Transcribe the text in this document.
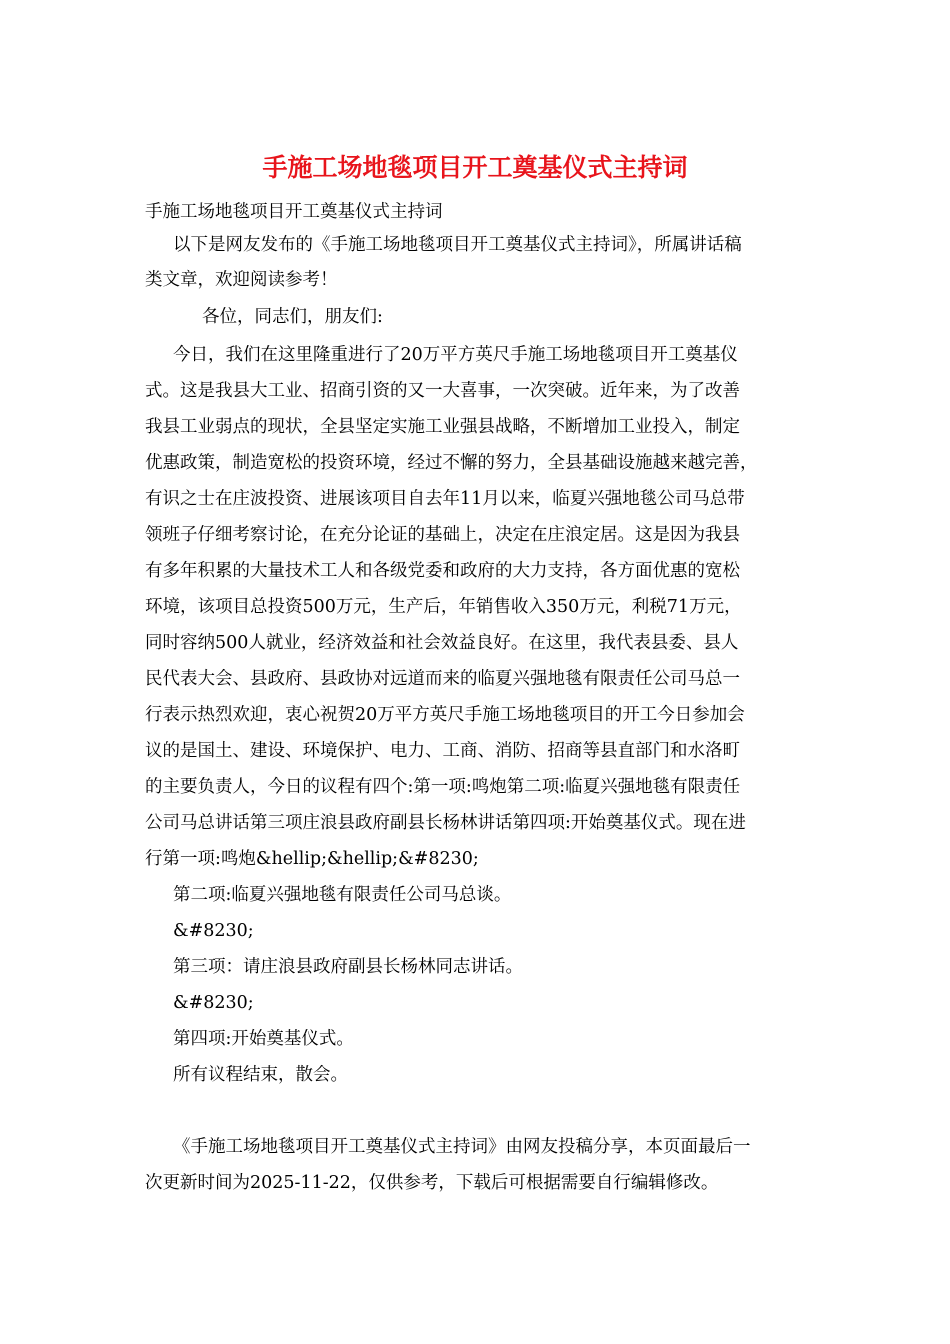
手施工场地毯项目开工奠基仪式主持词
手施工场地毯项目开工奠基仪式主持词
以下是网友发布的《手施工场地毯项目开工奠基仪式主持词》，所属讲话稿
类文章，欢迎阅读参考！
各位，同志们，朋友们:
今日，我们在这里隆重进行了20万平方英尺手施工场地毯项目开工奠基仪
式。这是我县大工业、招商引资的又一大喜事，一次突破。近年来，为了改善
我县工业弱点的现状，全县坚定实施工业强县战略，不断增加工业投入，制定
优惠政策，制造宽松的投资环境，经过不懈的努力，全县基础设施越来越完善，
有识之士在庄波投资、进展该项目自去年11月以来，临夏兴强地毯公司马总带
领班子仔细考察讨论，在充分论证的基础上，决定在庄浪定居。这是因为我县
有多年积累的大量技术工人和各级党委和政府的大力支持，各方面优惠的宽松
环境，该项目总投资500万元，生产后，年销售收入350万元，利税71万元，
同时容纳500人就业，经济效益和社会效益良好。在这里，我代表县委、县人
民代表大会、县政府、县政协对远道而来的临夏兴强地毯有限责任公司马总一
行表示热烈欢迎，衷心祝贺20万平方英尺手施工场地毯项目的开工今日参加会
议的是国土、建设、环境保护、电力、工商、消防、招商等县直部门和水洛町
的主要负责人，今日的议程有四个:第一项:鸣炮第二项:临夏兴强地毯有限责任
公司马总讲话第三项庄浪县政府副县长杨林讲话第四项:开始奠基仪式。现在进
行第一项:鸣炮&hellip;&hellip;&#8230;
第二项:临夏兴强地毯有限责任公司马总谈。
&#8230;
第三项：请庄浪县政府副县长杨林同志讲话。
&#8230;
第四项:开始奠基仪式。
所有议程结束，散会。
《手施工场地毯项目开工奠基仪式主持词》由网友投稿分享，本页面最后一
次更新时间为2025-11-22，仅供参考，下载后可根据需要自行编辑修改。
